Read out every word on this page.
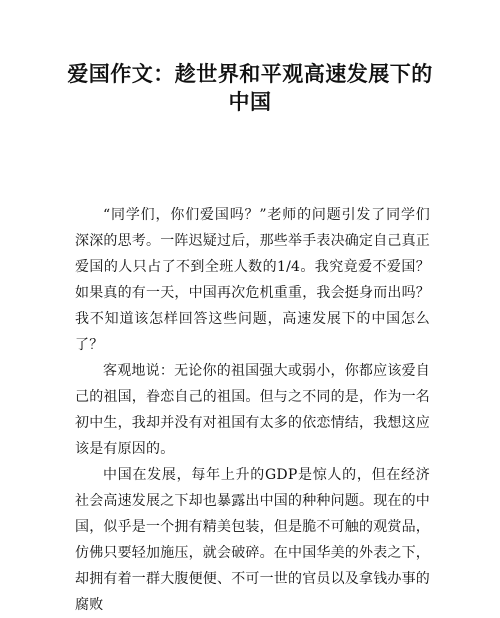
爱国作文：趁世界和平观高速发展下的中国

“同学们，你们爱国吗？”老师的问题引发了同学们深深的思考。一阵迟疑过后，那些举手表决确定自己真正爱国的人只占了不到全班人数的1/4。我究竟爱不爱国？如果真的有一天，中国再次危机重重，我会挺身而出吗？我不知道该怎样回答这些问题，高速发展下的中国怎么了？

客观地说：无论你的祖国强大或弱小，你都应该爱自己的祖国，眷恋自己的祖国。但与之不同的是，作为一名初中生，我却并没有对祖国有太多的依恋情结，我想这应该是有原因的。

中国在发展，每年上升的GDP是惊人的，但在经济社会高速发展之下却也暴露出中国的种种问题。现在的中国，似乎是一个拥有精美包装，但是脆不可触的观赏品，仿佛只要轻加施压，就会破碎。在中国华美的外表之下，却拥有着一群大腹便便、不可一世的官员以及拿钱办事的腐败
